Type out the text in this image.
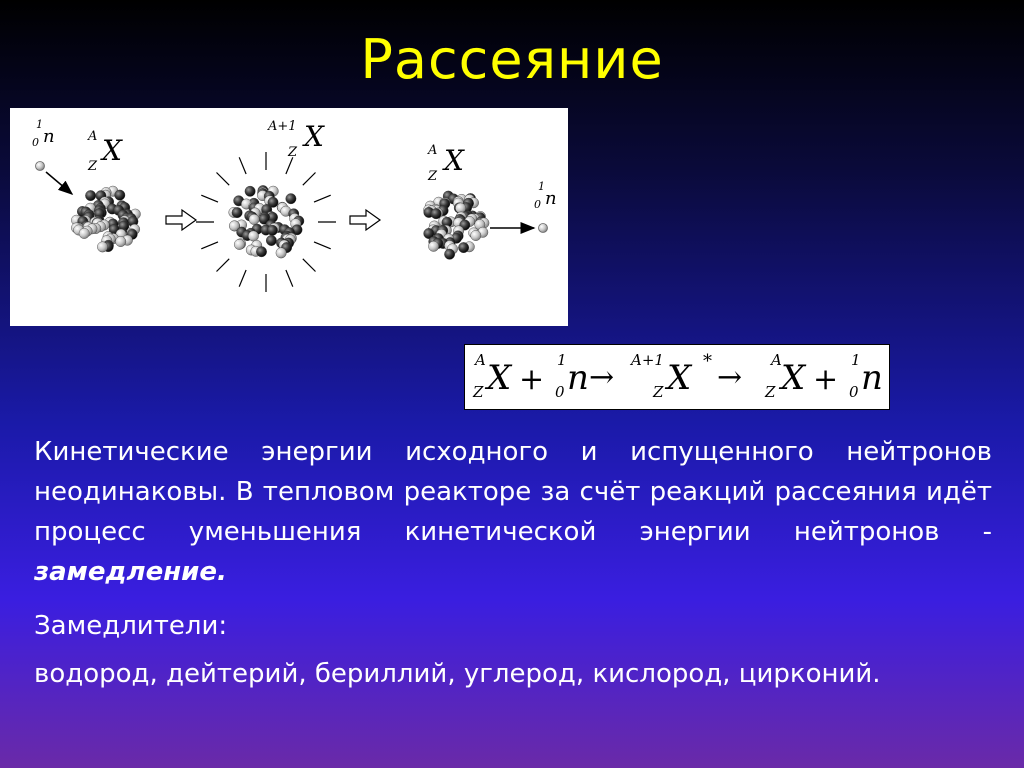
Рассеяние
1
0 n	A
Z X
A+1
Z X	A
Z X
1
0 n
A
Z X +
1
0 n → A+1
Z X * → A
Z X +
1
0 n
Кинетические энергии исходного и испущенного нейтронов неодинаковы. В тепловом реакторе за счёт реакций рассеяния идёт процесс уменьшения кинетической энергии нейтронов - замедление.
Замедлители:
водород, дейтерий, бериллий, углерод, кислород, цирконий.
